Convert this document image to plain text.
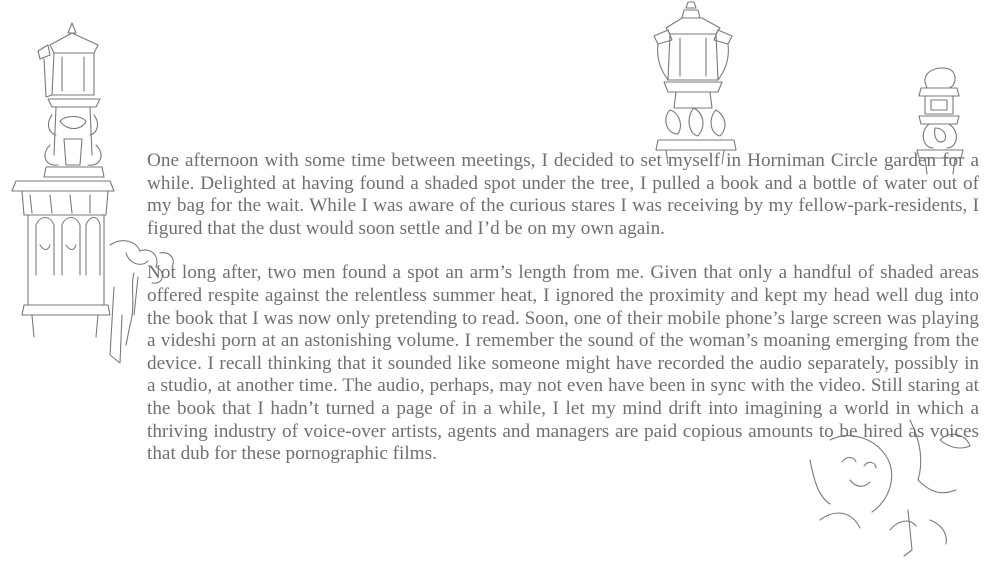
One afternoon with some time between meetings, I decided to set myself in Horniman Circle garden for a while. Delighted at having found a shaded spot under the tree, I pulled a book and a bottle of water out of my bag for the wait. While I was aware of the curious stares I was receiving by my fellow-park-residents, I figured that the dust would soon settle and I’d be on my own again.

Not long after, two men found a spot an arm’s length from me. Given that only a handful of shaded areas offered respite against the relentless summer heat, I ignored the proximity and kept my head well dug into the book that I was now only pretending to read. Soon, one of their mobile phone’s large screen was playing a videshi porn at an astonishing volume. I remember the sound of the woman’s moaning emerging from the device. I recall thinking that it sounded like someone might have recorded the audio separately, possibly in a studio, at another time. The audio, perhaps, may not even have been in sync with the video. Still staring at the book that I hadn’t turned a page of in a while, I let my mind drift into imagining a world in which a thriving industry of voice-over artists, agents and managers are paid copious amounts to be hired as voices that dub for these pornographic films.
